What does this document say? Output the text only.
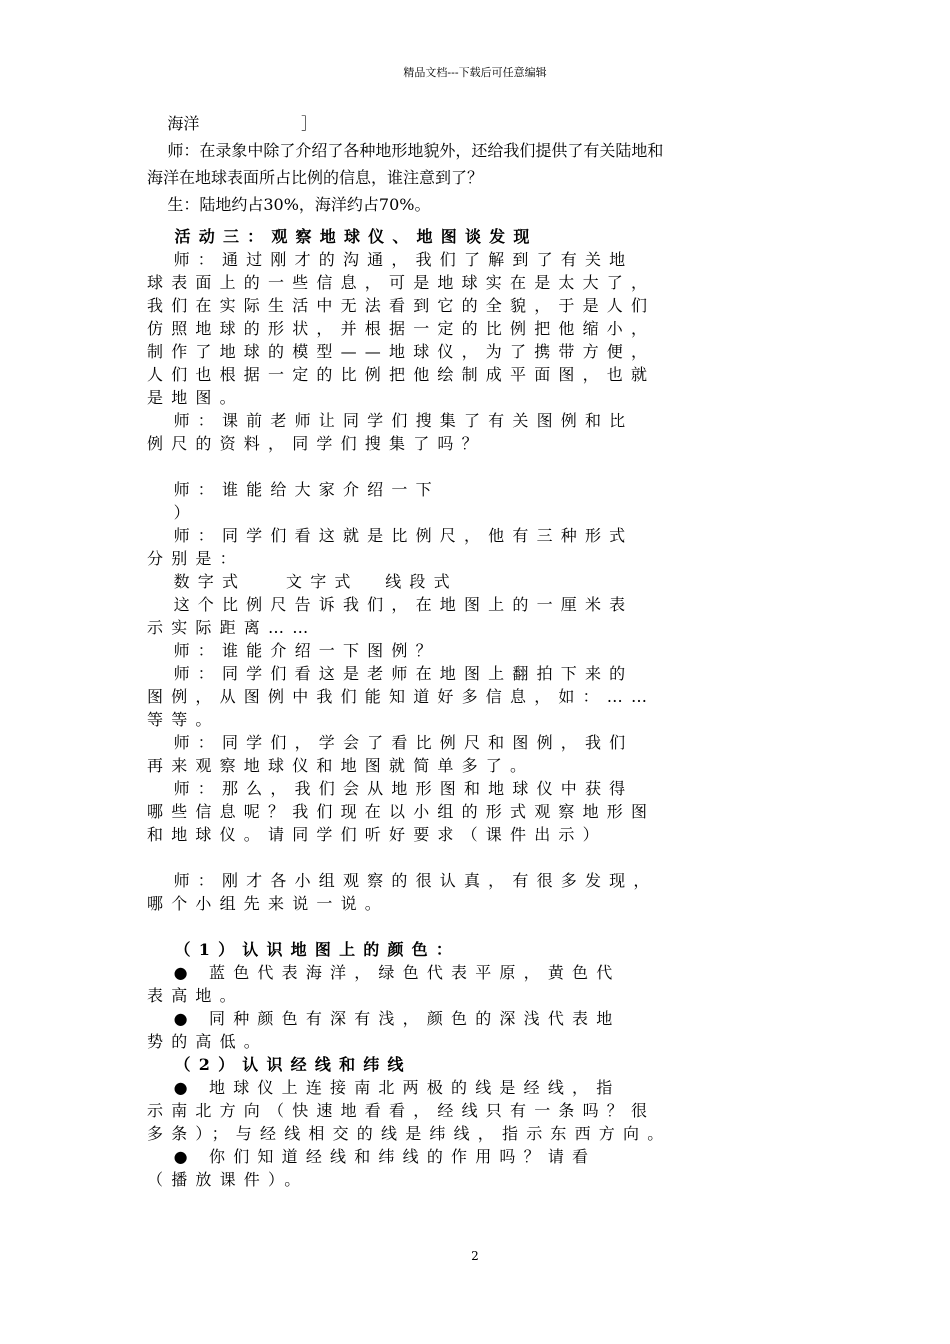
精品文档---下载后可任意编辑
海洋                    ］
师：在录象中除了介绍了各种地形地貌外，还给我们提供了有关陆地和
海洋在地球表面所占比例的信息，谁注意到了？
生：陆地约占30%，海洋约占70%。
活动三：观察地球仪、地图谈发现
师：通过刚才的沟通，我们了解到了有关地
球表面上的一些信息，可是地球实在是太大了，
我们在实际生活中无法看到它的全貌，于是人们
仿照地球的形状，并根据一定的比例把他缩小，
制作了地球的模型——地球仪，为了携带方便，
人们也根据一定的比例把他绘制成平面图，也就
是地图。
师：课前老师让同学们搜集了有关图例和比
例尺的资料，同学们搜集了吗？
师：谁能给大家介绍一下
）
师：同学们看这就是比例尺，他有三种形式
分别是：
数字式   文字式  线段式
这个比例尺告诉我们，在地图上的一厘米表
示实际距离……
师：谁能介绍一下图例？
师：同学们看这是老师在地图上翻拍下来的
图例，从图例中我们能知道好多信息，如：……
等等。
师：同学们，学会了看比例尺和图例，我们
再来观察地球仪和地图就简单多了。
师：那么，我们会从地形图和地球仪中获得
哪些信息呢？我们现在以小组的形式观察地形图
和地球仪。请同学们听好要求（课件出示）
师：刚才各小组观察的很认真，有很多发现，
哪个小组先来说一说。
（1）认识地图上的颜色：
● 蓝色代表海洋，绿色代表平原，黄色代
表高地。
● 同种颜色有深有浅，颜色的深浅代表地
势的高低。
（2）认识经线和纬线
● 地球仪上连接南北两极的线是经线，指
示南北方向（快速地看看，经线只有一条吗？很
多条）；与经线相交的线是纬线，指示东西方向。
● 你们知道经线和纬线的作用吗？请看
（播放课件）。
2
